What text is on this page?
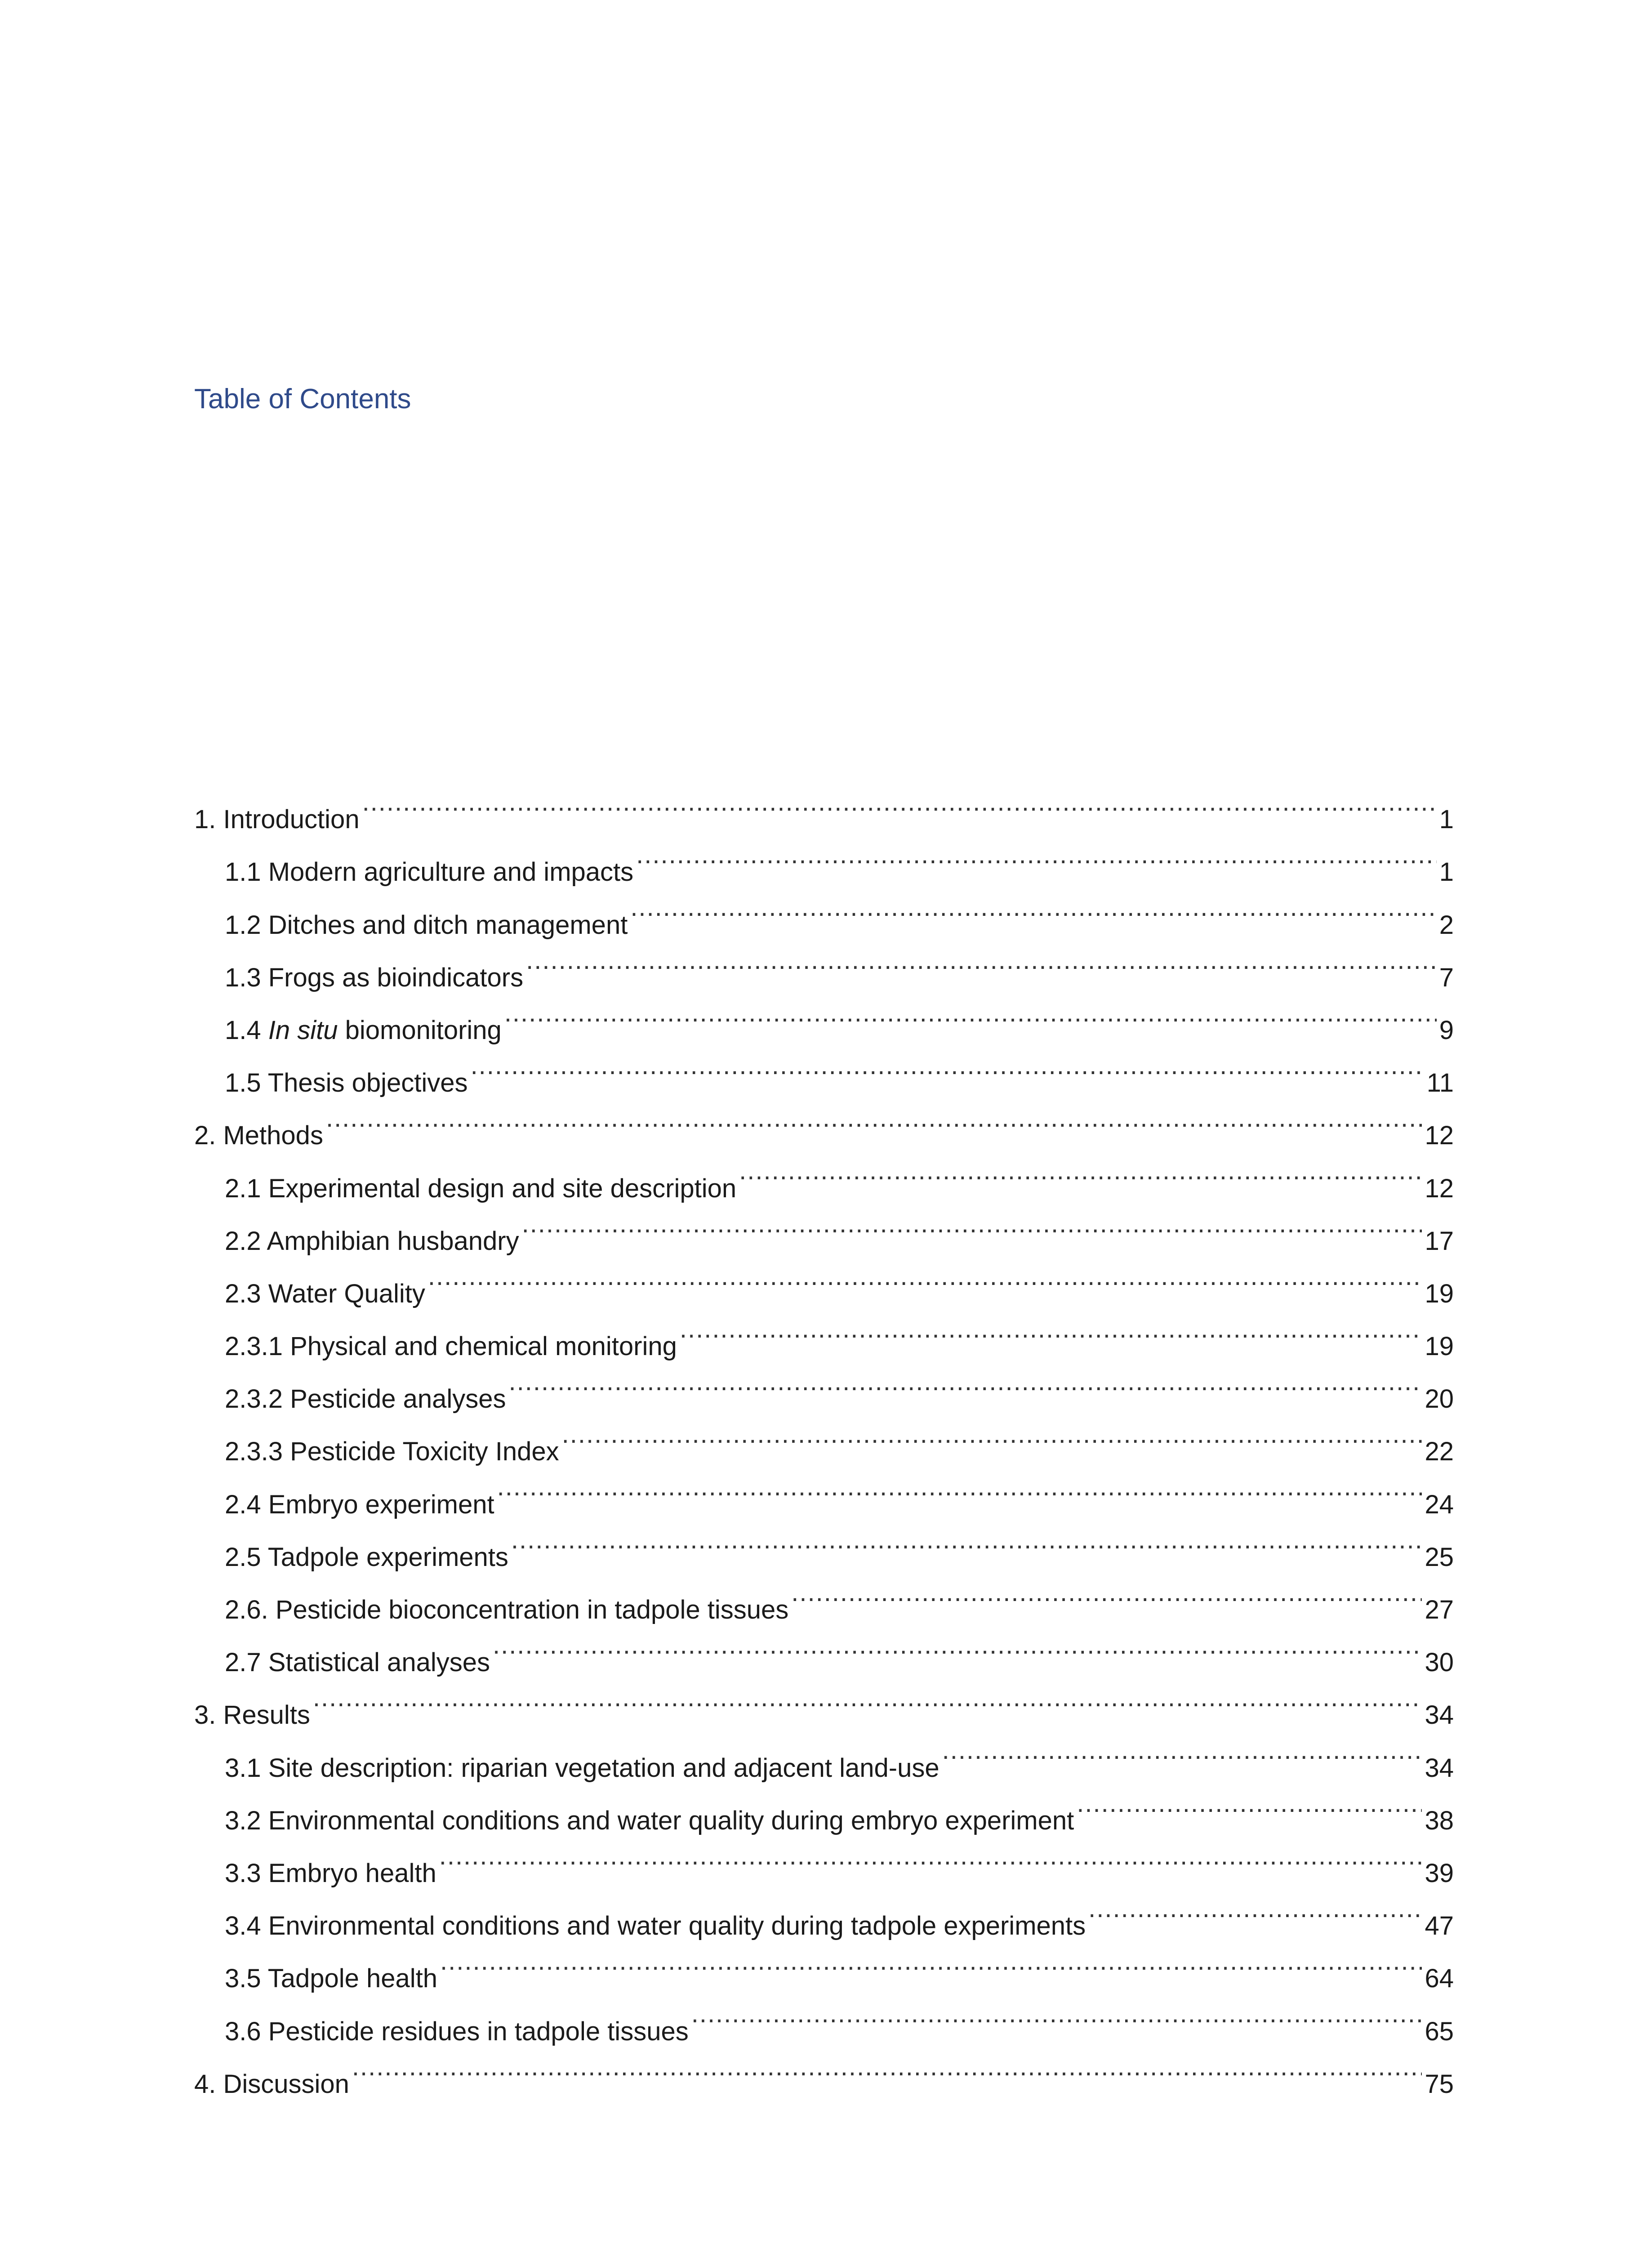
Table of Contents
1. Introduction .....	1
1.1 Modern agriculture and impacts .....	1
1.2 Ditches and ditch management .....	2
1.3 Frogs as bioindicators .....	7
1.4 In situ biomonitoring .....	9
1.5 Thesis objectives .....	11
2. Methods .....	12
2.1 Experimental design and site description .....	12
2.2 Amphibian husbandry .....	17
2.3 Water Quality .....	19
2.3.1 Physical and chemical monitoring .....	19
2.3.2 Pesticide analyses .....	20
2.3.3 Pesticide Toxicity Index .....	22
2.4 Embryo experiment .....	24
2.5 Tadpole experiments .....	25
2.6. Pesticide bioconcentration in tadpole tissues .....	27
2.7 Statistical analyses .....	30
3. Results .....	34
3.1 Site description: riparian vegetation and adjacent land-use .....	34
3.2 Environmental conditions and water quality during embryo experiment .....	38
3.3 Embryo health .....	39
3.4 Environmental conditions and water quality during tadpole experiments .....	47
3.5 Tadpole health .....	64
3.6 Pesticide residues in tadpole tissues .....	65
4. Discussion .....	75
